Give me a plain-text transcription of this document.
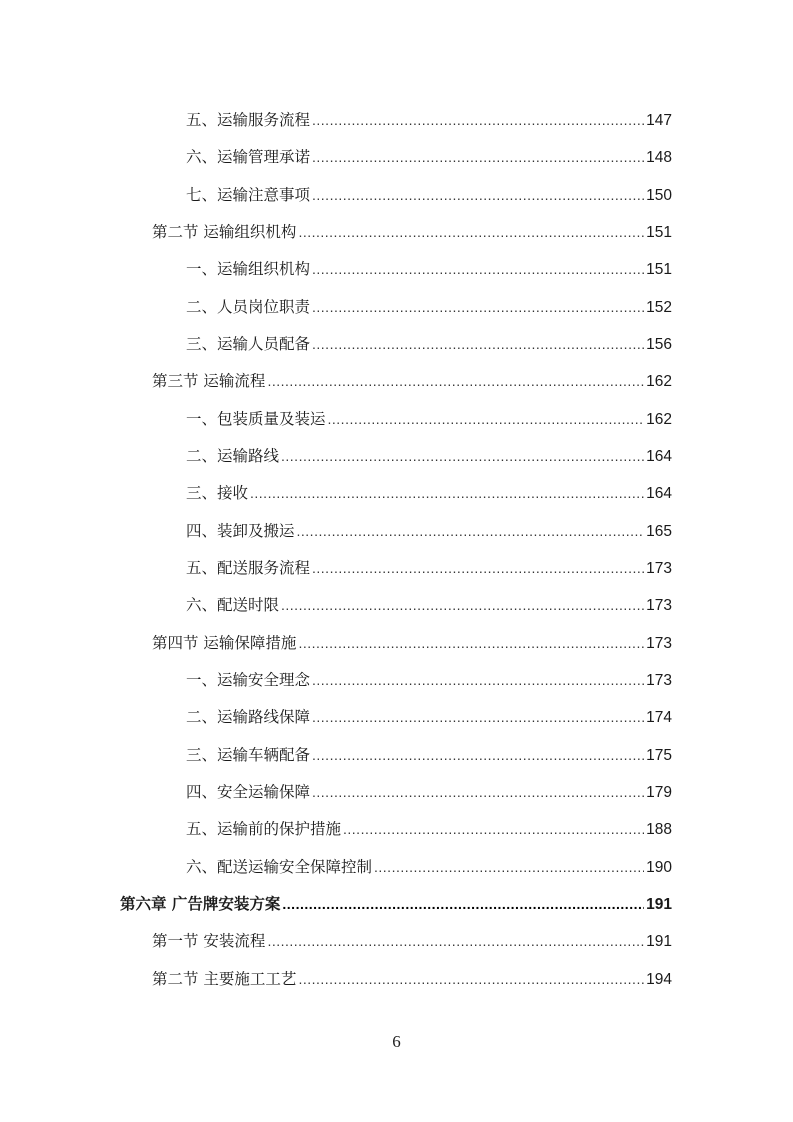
五、运输服务流程 .....	147
六、运输管理承诺 .....	148
七、运输注意事项 .....	150
第二节 运输组织机构 .....	151
一、运输组织机构 .....	151
二、人员岗位职责 .....	152
三、运输人员配备 .....	156
第三节 运输流程 .....	162
一、包装质量及装运 .....	162
二、运输路线 .....	164
三、接收 .....	164
四、装卸及搬运 .....	165
五、配送服务流程 .....	173
六、配送时限 .....	173
第四节 运输保障措施 .....	173
一、运输安全理念 .....	173
二、运输路线保障 .....	174
三、运输车辆配备 .....	175
四、安全运输保障 .....	179
五、运输前的保护措施 .....	188
六、配送运输安全保障控制 .....	190
第六章 广告牌安装方案 .....	191
第一节 安装流程 .....	191
第二节 主要施工工艺 .....	194
6
